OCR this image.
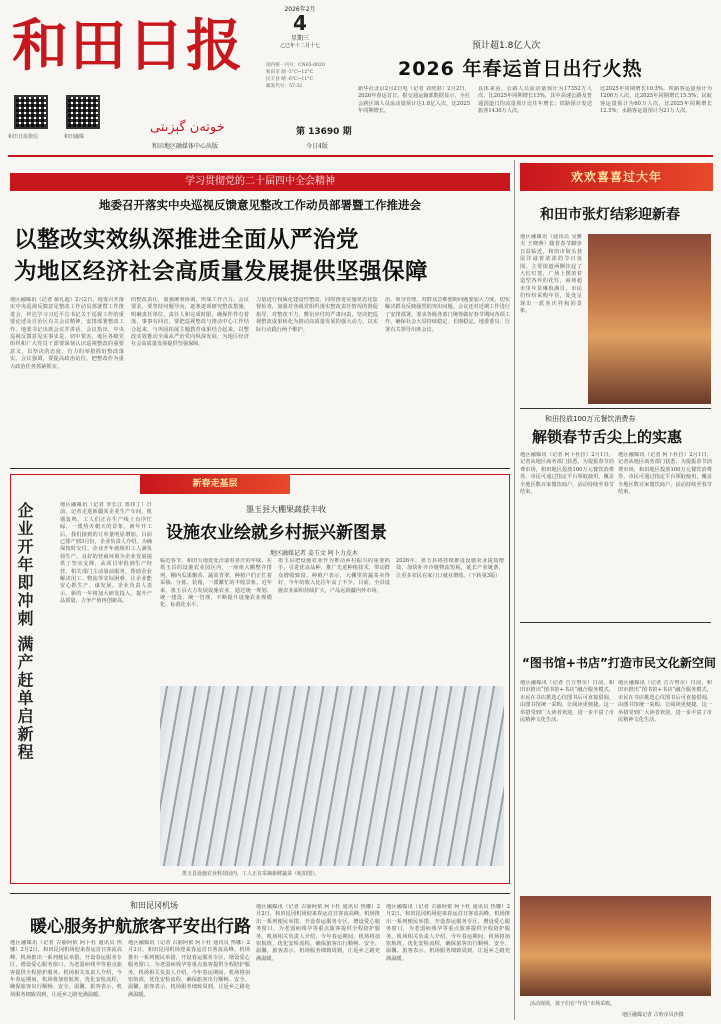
和田日报
خوتەن گېزىتى
和田日报微信	和田融媒
2026年2月
4
星期三
乙巳年十二月十七
国内统一刊号：CN65-0020
和田市 晴 -5°C~12°C
民丰县 晴 -6°C~11°C
邮发代号：57-32
第 13690 期
和田地区融媒体中心出版	今日4版
预计超1.8亿人次
2026 年春运首日出行火热
新华社北京2月2日电（记者 刘奕湛）2月2日，2026年春运首日。据交通运输部数据显示，全社会跨区域人员流动量预计达1.8亿人次，比2025年同期增长。
具体来看，公路人员流动量预计为17352万人次，比2025年同期增长13%，其中高速公路及普通国道日均流量预计比往年增长；铁路预计发送旅客1430万人次。
比2025年同期增长10.3%。铁路客运量预计为1200万人次，比2025年同期增长15.5%；民航客运量预计为60万人次，比2025年同期增长12.5%；水路客运量预计为21万人次。
学习贯彻党的二十届四中全会精神
地委召开落实中央巡视反馈意见整改工作动员部署暨工作推进会
以整改实效纵深推进全面从严治党
为地区经济社会高质量发展提供坚强保障
地区融媒讯（记者 郝礼超）2月2日，地委召开落实中央巡视反馈意见整改工作动员部署暨工作推进会，传达学习习近平总书记关于巡视工作的重要论述及自治区有关会议精神，安排部署整改工作。地委书记出席会议并讲话。会议指出，中央巡视反馈意见实事求是、切中要害，地区各级党组织和广大党员干部要深刻认识巡视整改的重要意义，以坚决的态度、有力的举措抓好整改落实。会议强调，要提高政治站位，把整改作为重大政治任务抓紧抓实。
的整改责任，加强统筹协调，形成工作合力。会议要求，要坚持问题导向，逐条逐项研究整改措施，明确责任单位、责任人和完成时限，确保件件有着落、事事有回音。要把巡视整改与推动中心工作结合起来，与巩固拓展主题教育成果结合起来，以整改实效推动全面从严治党向纵深发展，为地区经济社会高质量发展提供坚强保障。
力量进行权威化建设性整改，同时推进实施常态化监督检查，加强对各级党组织落实整改责任情况的督促指导，对整改不力、敷衍应付的严肃问责，坚决把巡视整改成果转化为推动高质量发展的强大动力，以实际行动践行两个维护。
治、领导管理，对群众急难愁盼问题要加大力度，切实解决群众反映强烈的突出问题。会议还对近期工作进行了安排部署，要求各级各部门统筹做好春节期间各项工作，确保社会大局持续稳定、长期稳定。地委委员、行署有关领导出席会议。
欢欢喜喜过大年
和田市张灯结彩迎新春
地区融媒讯（通讯员 吴雅夫 王晓燕）随着春节脚步日益临近，和田市街头巷尾洋溢着浓浓的节日氛围。主要街道两侧挂起了大红灯笼，广场上摆放着造型各异的花灯，商场超市里年货琳琅满目，市民们纷纷采购年货，处处呈现出一派喜庆祥和的景象。
和田投放100万元餐饮消费券
解锁春节舌尖上的实惠
地区融媒讯（记者 阿卜杜拉）2月1日，记者从地区商务部门获悉，为提振春节消费市场，和田地区投放100万元餐饮消费券，市民可通过指定平台领取使用，覆盖全地区数百家餐饮商户，活动持续至春节结束。
地区融媒讯（记者 阿卜杜拉）2月1日，记者从地区商务部门获悉，为提振春节消费市场，和田地区投放100万元餐饮消费券，市民可通过指定平台领取使用，覆盖全地区数百家餐饮商户，活动持续至春节结束。
“图书馆+书店”打造市民文化新空间
地区融媒讯（记者 吉力努尔）日前，和田市推出“图书馆+书店”融合服务模式，市民在书店挑选心仪图书后可直接借阅，由图书馆统一采购，让阅读更便捷。这一举措受到广大读者欢迎，进一步丰富了市民精神文化生活。
地区融媒讯（记者 吉力努尔）日前，和田市推出“图书馆+书店”融合服务模式，市民在书店挑选心仪图书后可直接借阅，由图书馆统一采购，让阅读更便捷。这一举措受到广大读者欢迎，进一步丰富了市民精神文化生活。
活动现场，孩子们在“年货”市场采购。
地区融媒记者 古哈尔贝沙摄
新春走基层
企业开年即冲刺 满产赶单启新程	地区融媒讯（记者 李长江 郑伟丁）日前，记者走进新疆某企业生产车间，机器轰鸣，工人们正在生产线上有序忙碌，一派热火朝天的景象。新年开工后，我们接到的订单量明显增加，目前已排产到3月份，企业负责人介绍，为确保按时交付，企业开年就组织工人满负荷生产。良好的营商环境为企业发展提供了坚实支撑，从项目审批到生产经营，相关部门主动靠前服务，帮助企业解决用工、物流等实际困难，让企业能安心抓生产、谋发展。企业负责人表示，新的一年将加大研发投入，提升产品质量，力争产值再创新高。
墨玉县大棚果蔬获丰收
设施农业绘就乡村振兴新图景
地区融媒记者 姜玉文 阿卜力克木
临近春节，和田大地处处洋溢着喜庆的年味。在墨玉县的设施农业园区内，一座座大棚整齐排列，棚内瓜果飘香、蔬菜青翠，种植户们正忙着采摘、分拣、装箱，一派繁忙的丰收景象。近年来，墨玉县大力发展设施农业，通过统一规划、统一建设、统一管理，不断提升设施农业规模化、标准化水平。
墨玉县把设施农业作为推动乡村振兴的重要抓手，引进优良品种，推广先进种植技术，带动群众增收致富。种植户表示，大棚里的蔬菜卖得好，今年的收入比往年高了不少。目前，全县设施农业面积持续扩大，产品远销疆内外市场。
2026年，墨玉县将持续推进设施农业提质增效，加快补齐冷链物流短板，延长产业链条，让更多农民在家门口就业增收。（下转第3版）
墨玉县设施农业科技园内，工人正在采摘新鲜蔬菜（航拍图）。
和田昆冈机场
暖心服务护航旅客平安出行路
地区融媒讯（记者 古丽阿依 阿卜杜 通讯员 热娜）2月2日，和田昆冈机场迎来春运首日客流高峰。机场推出一系列便民举措，开设春运服务专区，增设爱心服务窗口，为老弱病残孕等重点旅客提供全程陪护服务。机场相关负责人介绍，今年春运期间，机场将加密航班，优化安检流程，确保旅客出行顺畅、安全、温馨。旅客表示，机场服务细致周到，让返乡之路充满温暖。
地区融媒讯（记者 古丽阿依 阿卜杜 通讯员 热娜）2月2日，和田昆冈机场迎来春运首日客流高峰。机场推出一系列便民举措，开设春运服务专区，增设爱心服务窗口，为老弱病残孕等重点旅客提供全程陪护服务。机场相关负责人介绍，今年春运期间，机场将加密航班，优化安检流程，确保旅客出行顺畅、安全、温馨。旅客表示，机场服务细致周到，让返乡之路充满温暖。
地区融媒讯（记者 古丽阿依 阿卜杜 通讯员 热娜）2月2日，和田昆冈机场迎来春运首日客流高峰。机场推出一系列便民举措，开设春运服务专区，增设爱心服务窗口，为老弱病残孕等重点旅客提供全程陪护服务。机场相关负责人介绍，今年春运期间，机场将加密航班，优化安检流程，确保旅客出行顺畅、安全、温馨。旅客表示，机场服务细致周到，让返乡之路充满温暖。
地区融媒讯（记者 古丽阿依 阿卜杜 通讯员 热娜）2月2日，和田昆冈机场迎来春运首日客流高峰。机场推出一系列便民举措，开设春运服务专区，增设爱心服务窗口，为老弱病残孕等重点旅客提供全程陪护服务。机场相关负责人介绍，今年春运期间，机场将加密航班，优化安检流程，确保旅客出行顺畅、安全、温馨。旅客表示，机场服务细致周到，让返乡之路充满温暖。
